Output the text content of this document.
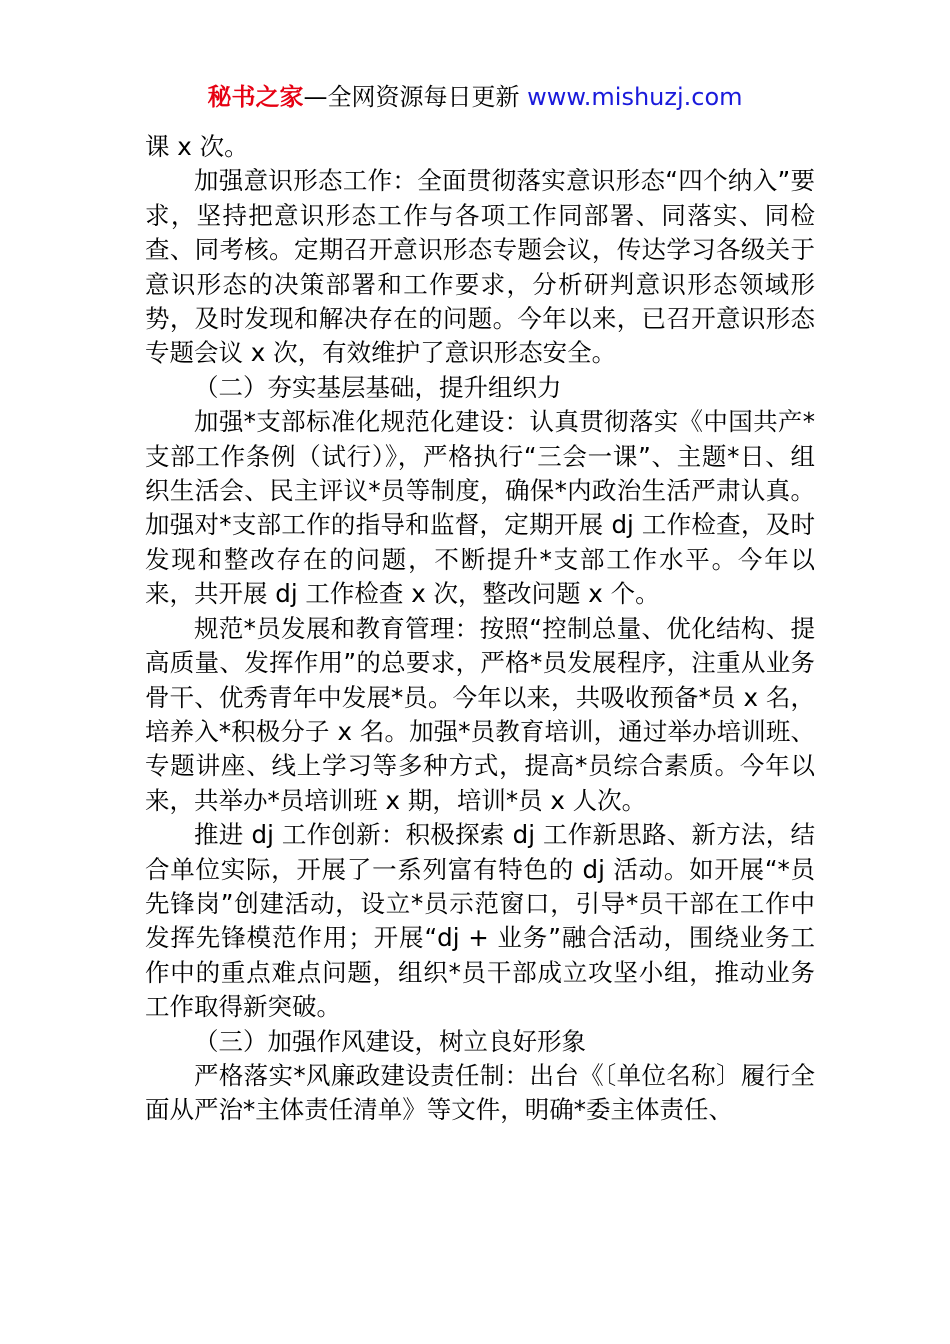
秘书之家—全网资源每日更新 www.mishuzj.com

课 x 次。

加强意识形态工作：全面贯彻落实意识形态“四个纳入”要求，坚持把意识形态工作与各项工作同部署、同落实、同检查、同考核。定期召开意识形态专题会议，传达学习各级关于意识形态的决策部署和工作要求，分析研判意识形态领域形势，及时发现和解决存在的问题。今年以来，已召开意识形态专题会议 x 次，有效维护了意识形态安全。

（二）夯实基层基础，提升组织力

加强*支部标准化规范化建设：认真贯彻落实《中国共产*支部工作条例（试行）》，严格执行“三会一课”、主题*日、组织生活会、民主评议*员等制度，确保*内政治生活严肃认真。加强对*支部工作的指导和监督，定期开展 dj 工作检查，及时发现和整改存在的问题，不断提升*支部工作水平。今年以来，共开展 dj 工作检查 x 次，整改问题 x 个。

规范*员发展和教育管理：按照“控制总量、优化结构、提高质量、发挥作用”的总要求，严格*员发展程序，注重从业务骨干、优秀青年中发展*员。今年以来，共吸收预备*员 x 名，培养入*积极分子 x 名。加强*员教育培训，通过举办培训班、专题讲座、线上学习等多种方式，提高*员综合素质。今年以来，共举办*员培训班 x 期，培训*员 x 人次。

推进 dj 工作创新：积极探索 dj 工作新思路、新方法，结合单位实际，开展了一系列富有特色的 dj 活动。如开展“*员先锋岗”创建活动，设立*员示范窗口，引导*员干部在工作中发挥先锋模范作用；开展“dj + 业务”融合活动，围绕业务工作中的重点难点问题，组织*员干部成立攻坚小组，推动业务工作取得新突破。

（三）加强作风建设，树立良好形象

严格落实*风廉政建设责任制：出台《〔单位名称〕履行全面从严治*主体责任清单》等文件，明确*委主体责任、
